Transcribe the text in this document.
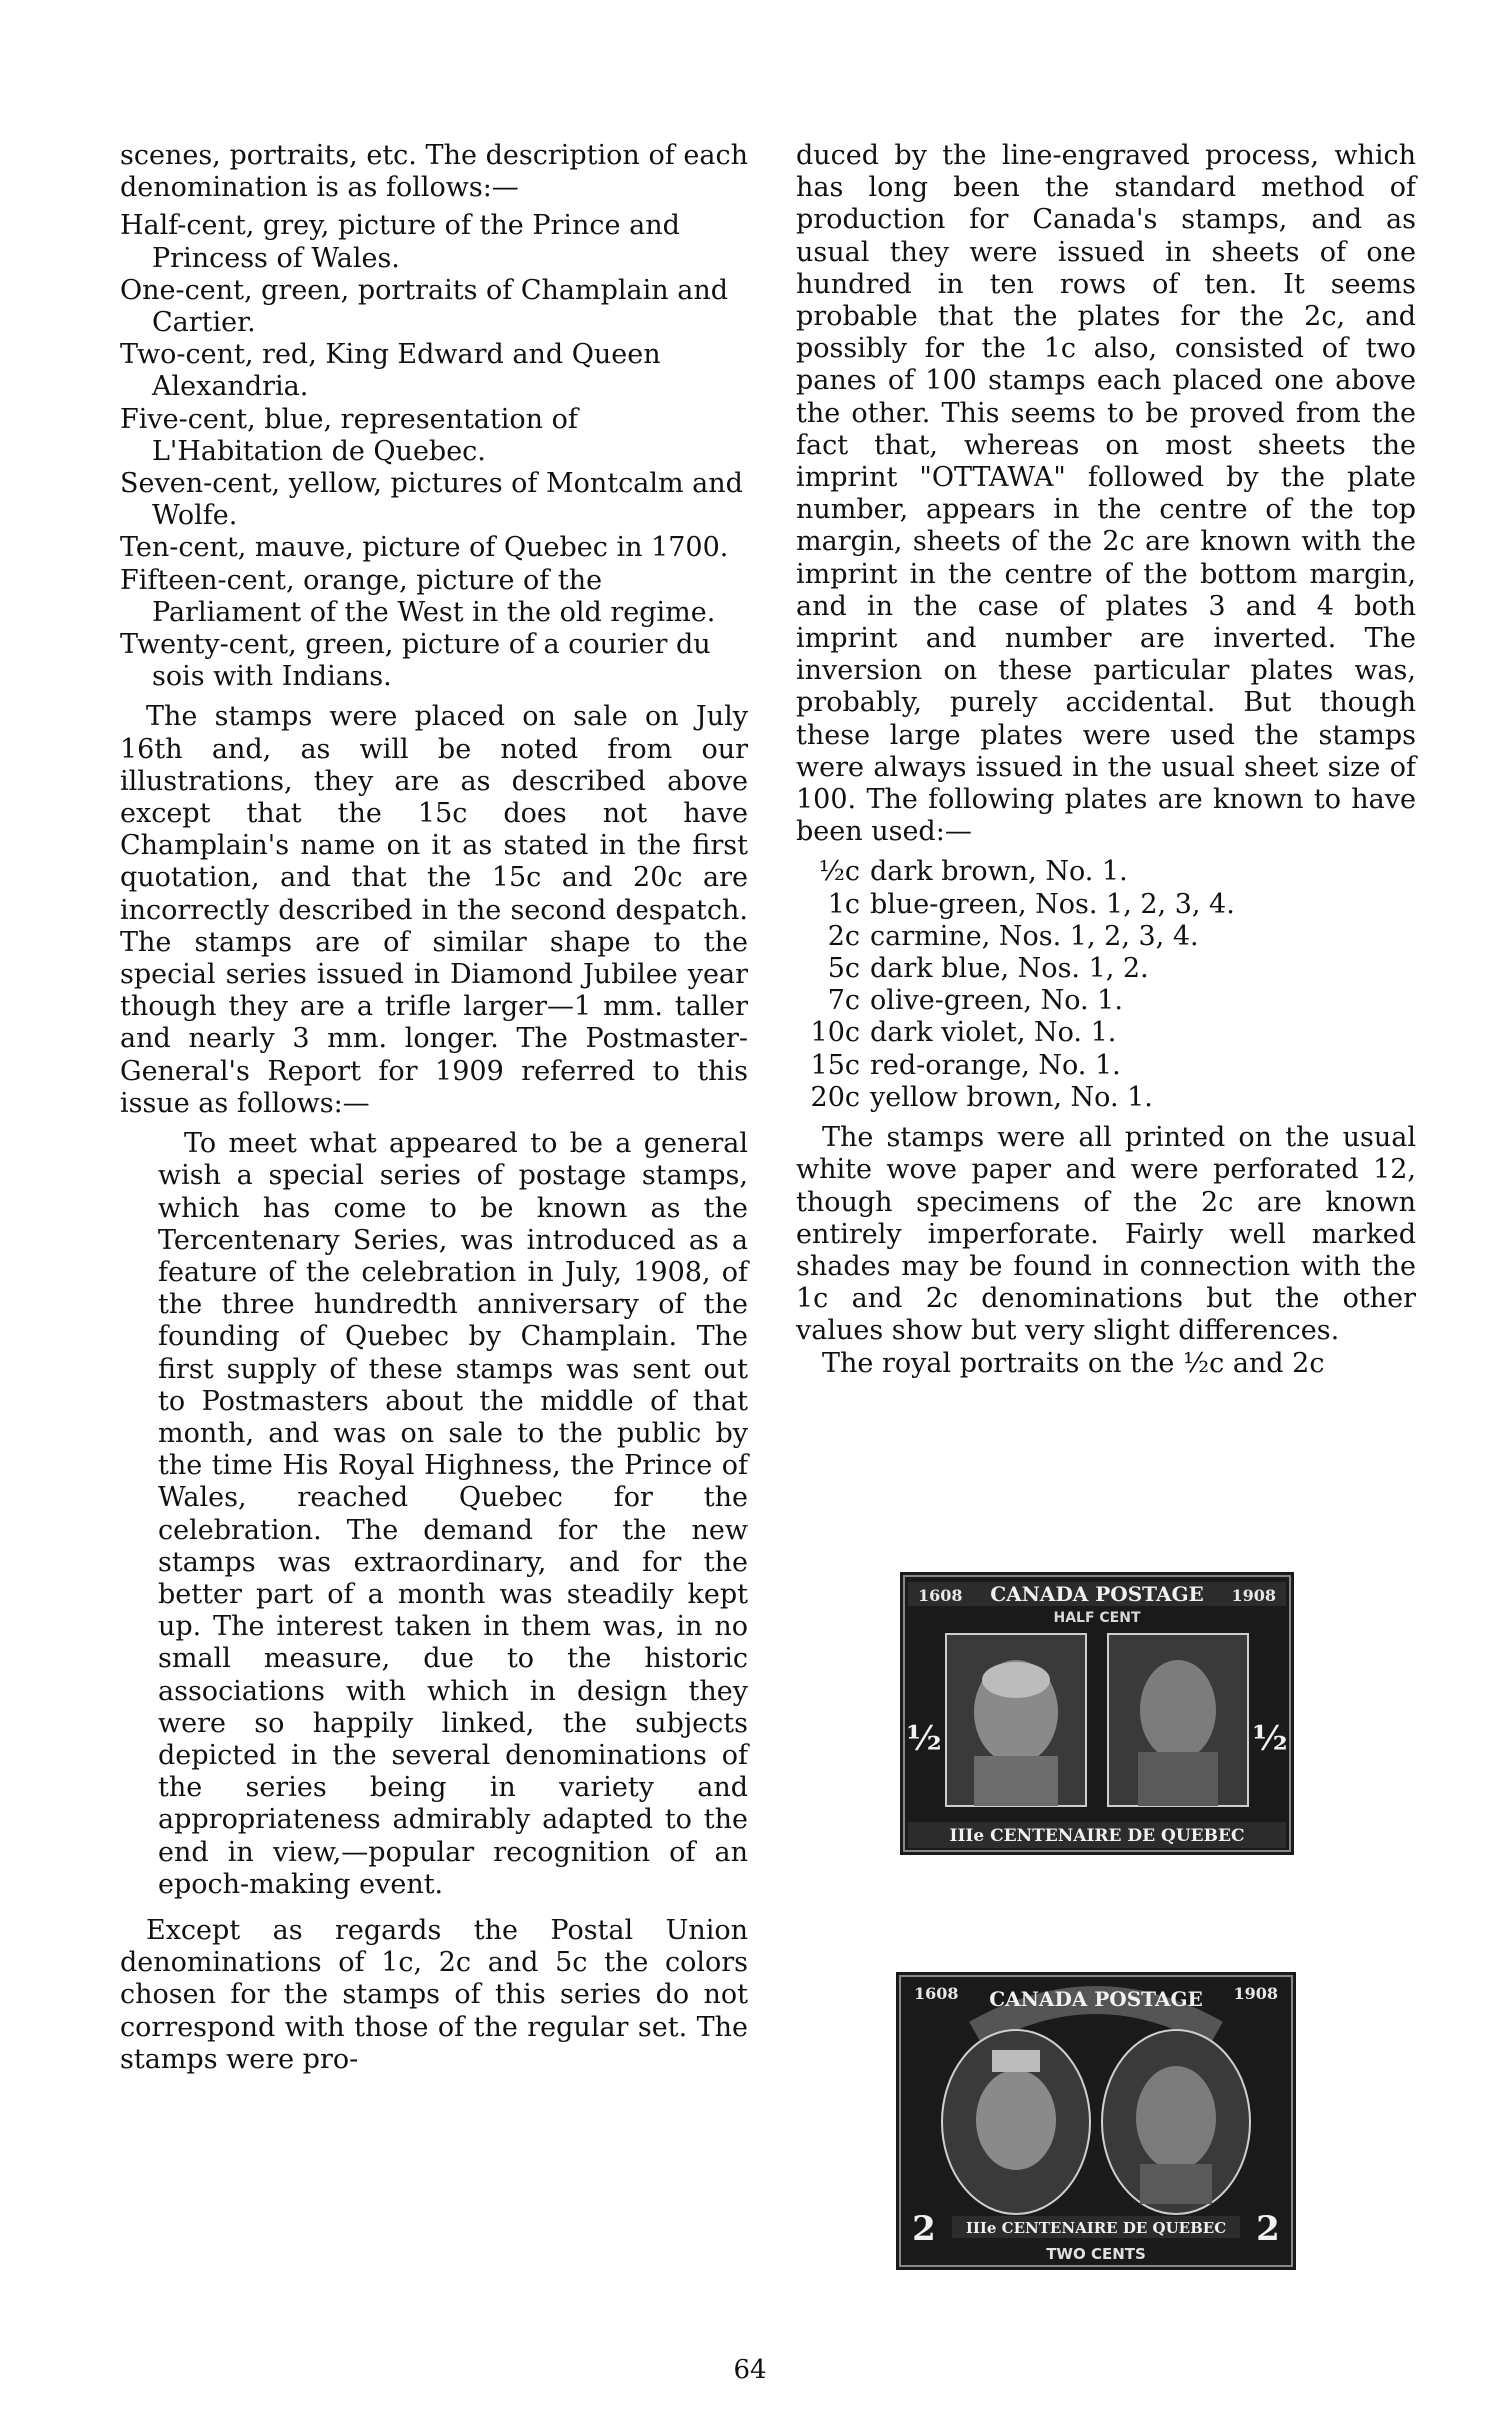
scenes, portraits, etc. The description of each denomination is as follows:—

Half-cent, grey, picture of the Prince and Princess of Wales.

One-cent, green, portraits of Champlain and Cartier.

Two-cent, red, King Edward and Queen Alexandria.

Five-cent, blue, representation of L'Habitation de Quebec.

Seven-cent, yellow, pictures of Montcalm and Wolfe.

Ten-cent, mauve, picture of Quebec in 1700.

Fifteen-cent, orange, picture of the Parliament of the West in the old regime.

Twenty-cent, green, picture of a courier du sois with Indians.

The stamps were placed on sale on July 16th and, as will be noted from our illustrations, they are as described above except that the 15c does not have Champlain's name on it as stated in the first quotation, and that the 15c and 20c are incorrectly described in the second despatch. The stamps are of similar shape to the special series issued in Diamond Jubilee year though they are a trifle larger—1 mm. taller and nearly 3 mm. longer. The Postmaster-General's Report for 1909 referred to this issue as follows:—

To meet what appeared to be a general wish a special series of postage stamps, which has come to be known as the Tercentenary Series, was introduced as a feature of the celebration in July, 1908, of the three hundredth anniversary of the founding of Quebec by Champlain. The first supply of these stamps was sent out to Postmasters about the middle of that month, and was on sale to the public by the time His Royal Highness, the Prince of Wales, reached Quebec for the celebration. The demand for the new stamps was extraordinary, and for the better part of a month was steadily kept up. The interest taken in them was, in no small measure, due to the historic associations with which in design they were so happily linked, the subjects depicted in the several denominations of the series being in variety and appropriateness admirably adapted to the end in view,—popular recognition of an epoch-making event.

Except as regards the Postal Union denominations of 1c, 2c and 5c the colors chosen for the stamps of this series do not correspond with those of the regular set. The stamps were pro-

duced by the line-engraved process, which has long been the standard method of production for Canada's stamps, and as usual they were issued in sheets of one hundred in ten rows of ten. It seems probable that the plates for the 2c, and possibly for the 1c also, consisted of two panes of 100 stamps each placed one above the other. This seems to be proved from the fact that, whereas on most sheets the imprint "OTTAWA" followed by the plate number, appears in the centre of the top margin, sheets of the 2c are known with the imprint in the centre of the bottom margin, and in the case of plates 3 and 4 both imprint and number are inverted. The inversion on these particular plates was, probably, purely accidental. But though these large plates were used the stamps were always issued in the usual sheet size of 100. The following plates are known to have been used:—

½c dark brown, No. 1.
1c blue-green, Nos. 1, 2, 3, 4.
2c carmine, Nos. 1, 2, 3, 4.
5c dark blue, Nos. 1, 2.
7c olive-green, No. 1.
10c dark violet, No. 1.
15c red-orange, No. 1.
20c yellow brown, No. 1.

The stamps were all printed on the usual white wove paper and were perforated 12, though specimens of the 2c are known entirely imperforate. Fairly well marked shades may be found in connection with the 1c and 2c denominations but the other values show but very slight differences.

The royal portraits on the ½c and 2c

1608 CANADA POSTAGE 1908
HALF CENT
½	½
IIIe CENTENAIRE DE QUEBEC
1608 CANADA POSTAGE 1908
2	2
IIIe CENTENAIRE DE QUEBEC
TWO CENTS
64
